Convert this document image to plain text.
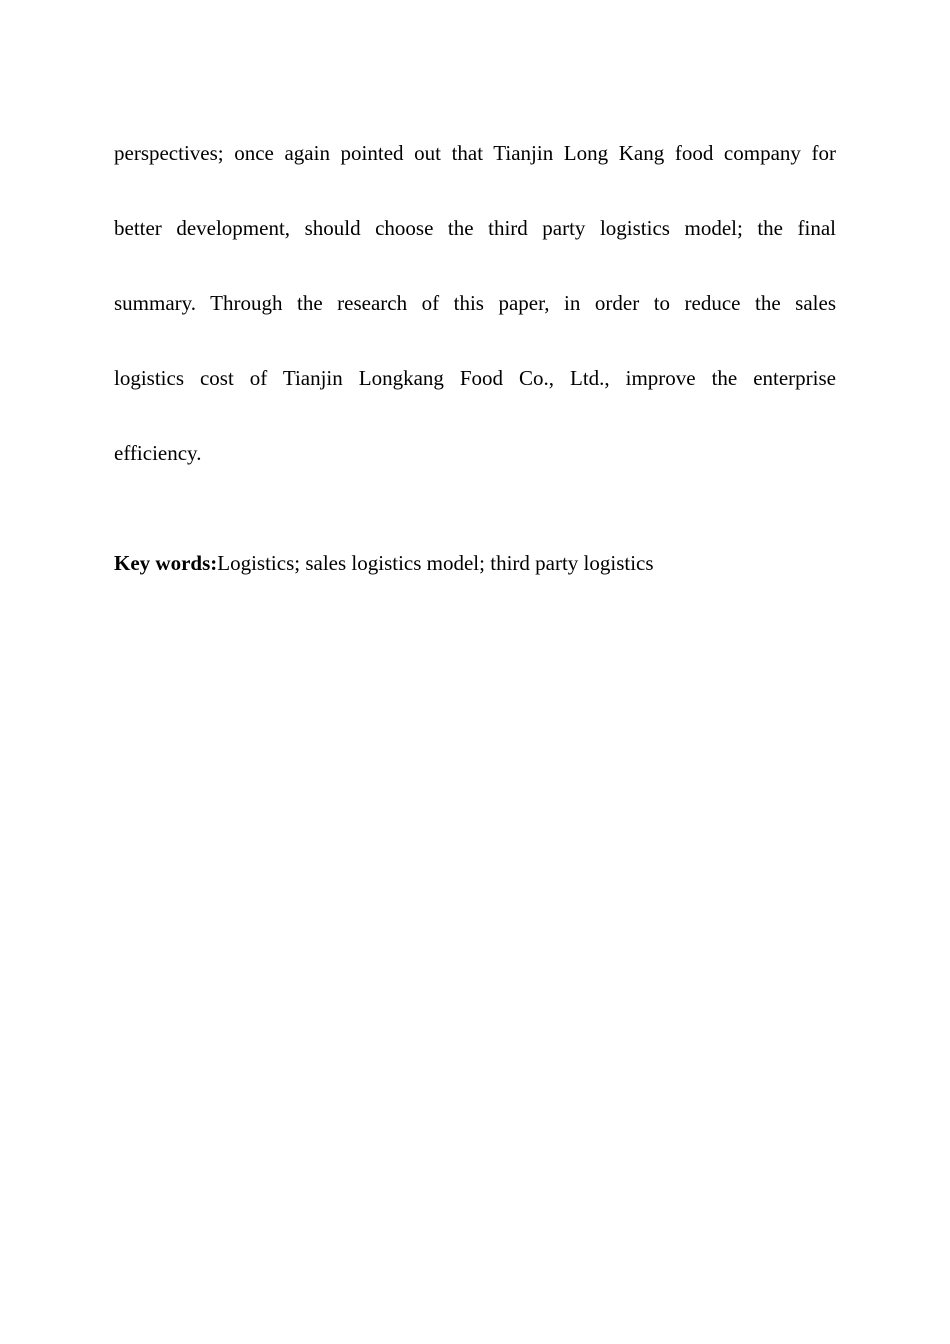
perspectives; once again pointed out that Tianjin Long Kang food company for
better development, should choose the third party logistics model; the final
summary. Through the research of this paper, in order to reduce the sales
logistics cost of Tianjin Longkang Food Co., Ltd., improve the enterprise
efficiency.

Key words:Logistics; sales logistics model; third party logistics
